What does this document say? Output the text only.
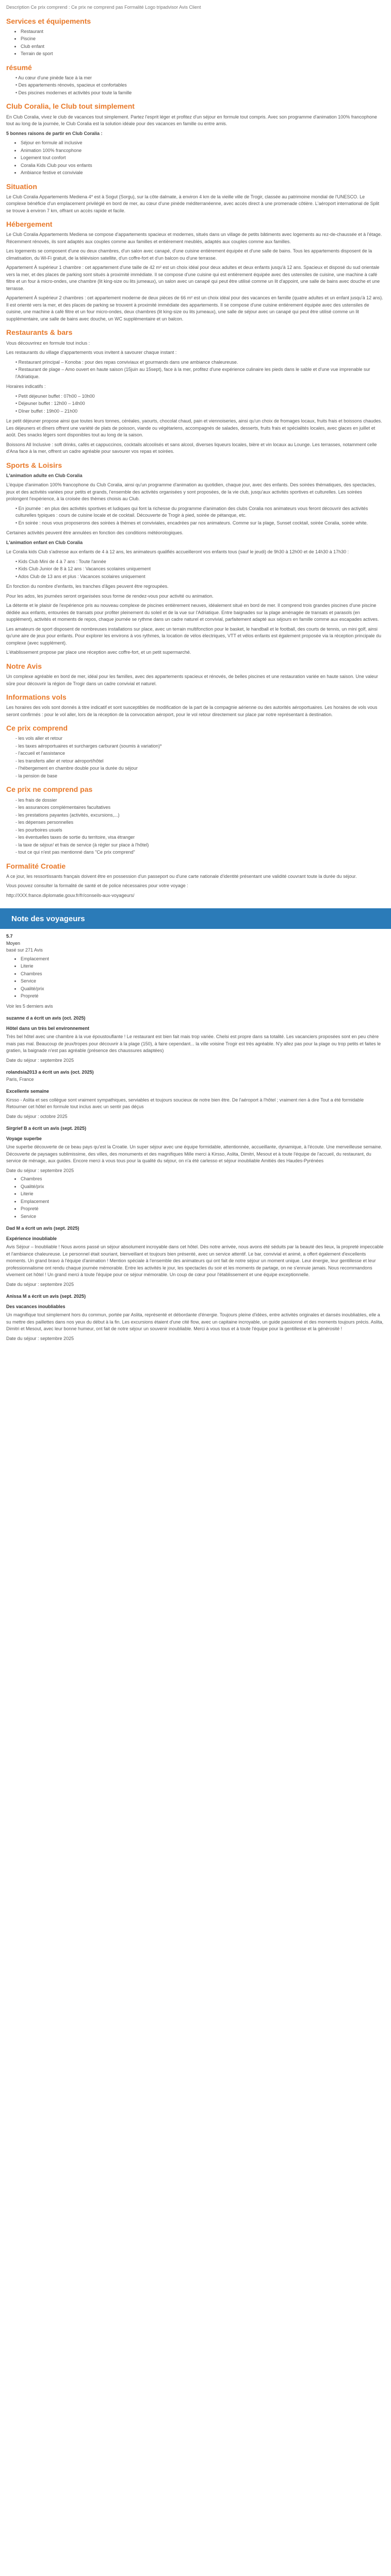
Description Ce prix comprend : Ce prix ne comprend pas Formalité Logo tripadvisor Avis Client
Services et équipements
• Restaurant
• Piscine
• Club enfant
• Terrain de sport
résumé
• Au cœur d'une pinède face à la mer
• Des appartements rénovés, spacieux et confortables
• Des piscines modernes et activités pour toute la famille
Club Coralia, le Club tout simplement

En Club Coralia, vivez le club de vacances tout simplement. Partez l'esprit léger et profitez d'un séjour en formule tout compris. Avec son programme d'animation 100% francophone tout au long de la journée, le Club Coralia est la solution idéale pour des vacances en famille ou entre amis.

5 bonnes raisons de partir en Club Coralia :

• Séjour en formule all inclusive
• Animation 100% francophone
• Logement tout confort
• Coralia Kids Club pour vos enfants
• Ambiance festive et conviviale
Situation

Le Club Coralia Appartements Mediena 4* est à Sogut (Sorgu), sur la côte dalmate, à environ 4 km de la vieille ville de Trogir, classée au patrimoine mondial de l'UNESCO. Le complexe bénéficie d'un emplacement privilégié en bord de mer, au cœur d'une pinède méditerranéenne, avec accès direct à une promenade côtière. L'aéroport international de Split se trouve à environ 7 km, offrant un accès rapide et facile.

Hébergement

Le Club Coralia Appartements Mediena se compose d'appartements spacieux et modernes, situés dans un village de petits bâtiments avec logements au rez-de-chaussée et à l'étage. Récemment rénovés, ils sont adaptés aux couples comme aux familles et entièrement meublés, adaptés aux couples comme aux familles.

Les logements se composent d'une ou deux chambres, d'un salon avec canapé, d'une cuisine entièrement équipée et d'une salle de bains. Tous les appartements disposent de la climatisation, du Wi-Fi gratuit, de la télévision satellite, d'un coffre-fort et d'un balcon ou d'une terrasse.

Appartement À supérieur 1 chambre : cet appartement d'une taille de 42 m² est un choix idéal pour deux adultes et deux enfants jusqu'à 12 ans. Spacieux et disposé du sud orientale vers la mer, et des places de parking sont situés à proximité immédiate. Il se compose d'une cuisine qui est entièrement équipée avec des ustensiles de cuisine, une machine à café filtre et un four à micro-ondes, une chambre (lit king-size ou lits jumeaux), un salon avec un canapé qui peut être utilisé comme un lit d'appoint, une salle de bains avec douche et une terrasse.

Appartement À supérieur 2 chambres : cet appartement moderne de deux pièces de 66 m² est un choix idéal pour des vacances en famille (quatre adultes et un enfant jusqu'à 12 ans). Il est orienté vers la mer, et des places de parking se trouvent à proximité immédiate des appartements. Il se compose d'une cuisine entièrement équipée avec des ustensiles de cuisine, une machine à café filtre et un four micro-ondes, deux chambres (lit king-size ou lits jumeaux), une salle de séjour avec un canapé qui peut être utilisé comme un lit supplémentaire, une salle de bains avec douche, un WC supplémentaire et un balcon.

Restaurants & bars

Vous découvrirez en formule tout inclus :

Les restaurants du village d'appartements vous invitent à savourer chaque instant :

• Restaurant principal – Konoba : pour des repas conviviaux et gourmands dans une ambiance chaleureuse.
• Restaurant de plage – Amo ouvert en haute saison (15juin au 15sept), face à la mer, profitez d'une expérience culinaire les pieds dans le sable et d'une vue imprenable sur l'Adriatique.

Horaires indicatifs :

• Petit déjeuner buffet : 07h00 – 10h00
• Déjeuner buffet : 12h00 – 14h00
• Dîner buffet : 19h00 – 21h00

Le petit déjeuner propose ainsi que toutes leurs tonnes, céréales, yaourts, chocolat chaud, pain et viennoiseries, ainsi qu'un choix de fromages locaux, fruits frais et boissons chaudes. Les déjeuners et dîners offrent une variété de plats de poisson, viande ou végétariens, accompagnés de salades, desserts, fruits frais et spécialités locales, avec glaces en juillet et août. Des snacks légers sont disponibles tout au long de la saison.

Boissons All Inclusive : soft drinks, cafés et cappuccinos, cocktails alcoolisés et sans alcool, diverses liqueurs locales, bière et vin locaux au Lounge. Les terrasses, notamment celle d'Ana face à la mer, offrent un cadre agréable pour savourer vos repas et soirées.

Sports & Loisirs

L'animation adulte en Club Coralia

L'équipe d'animation 100% francophone du Club Coralia, ainsi qu'un programme d'animation au quotidien, chaque jour, avec des enfants. Des soirées thématiques, des spectacles, jeux et des activités variées pour petits et grands, l'ensemble des activités organisées y sont proposées, de la vie club, jusqu'aux activités sportives et culturelles. Les soirées prolongent l'expérience, à la croisée des thèmes choisis au Club.

• En journée : en plus des activités sportives et ludiques qui font la richesse du programme d'animation des clubs Coralia nos animateurs vous feront découvrir des activités culturelles typiques : cours de cuisine locale et de cocktail. Découverte de Trogir à pied, soirée de pétanque, etc.
• En soirée : nous vous proposerons des soirées à thèmes et conviviales, encadrées par nos animateurs. Comme sur la plage, Sunset cocktail, soirée Coralia, soirée white.

Certaines activités peuvent être annulées en fonction des conditions météorologiques.

L'animation enfant en Club Coralia

Le Coralia kids Club s'adresse aux enfants de 4 à 12 ans, les animateurs qualifiés accueilleront vos enfants tous (sauf le jeudi) de 9h30 à 12h00 et de 14h30 à 17h30 :

• Kids Club Mini de 4 à 7 ans : Toute l'année
• Kids Club Junior de 8 à 12 ans : Vacances scolaires uniquement
• Ados Club de 13 ans et plus : Vacances scolaires uniquement

En fonction du nombre d'enfants, les tranches d'âges peuvent être regroupées.

Pour les ados, les journées seront organisées sous forme de rendez-vous pour activité ou animation.

La détente et le plaisir de l'expérience pris au nouveau complexe de piscines entièrement neuves, idéalement situé en bord de mer. Il comprend trois grandes piscines d'une piscine dédiée aux enfants, entourées de transats pour profiter pleinement du soleil et de la vue sur l'Adriatique. Entre baignades sur la plage aménagée de transats et parasols (en supplément), activités et moments de repos, chaque journée se rythme dans un cadre naturel et convivial, parfaitement adapté aux séjours en famille comme aux escapades actives.

Les amateurs de sport disposent de nombreuses installations sur place, avec un terrain multifonction pour le basket, le handball et le football, des courts de tennis, un mini golf, ainsi qu'une aire de jeux pour enfants. Pour explorer les environs à vos rythmes, la location de vélos électriques, VTT et vélos enfants est également proposée via la réception principale du complexe (avec supplément).

L'établissement propose par place une réception avec coffre-fort, et un petit supermarché.

Notre Avis

Un complexe agréable en bord de mer, idéal pour les familles, avec des appartements spacieux et rénovés, de belles piscines et une restauration variée en haute saison. Une valeur sûre pour découvrir la région de Trogir dans un cadre convivial et naturel.

Informations vols

Les horaires des vols sont donnés à titre indicatif et sont susceptibles de modification de la part de la compagnie aérienne ou des autorités aéroportuaires. Les horaires de vols vous seront confirmés : pour le vol aller, lors de la réception de la convocation aéroport, pour le vol retour directement sur place par notre représentant à destination.

Ce prix comprend
- les vols aller et retour
- les taxes aéroportuaires et surcharges carburant (soumis à variation)*
- l'accueil et l'assistance
- les transferts aller et retour aéroport/hôtel
- l'hébergement en chambre double pour la durée du séjour
- la pension de base
Ce prix ne comprend pas
- les frais de dossier
- les assurances complémentaires facultatives
- les prestations payantes (activités, excursions,...)
- les dépenses personnelles
- les pourboires usuels
- les éventuelles taxes de sortie du territoire, visa étranger
- la taxe de séjour/ et frais de service (à régler sur place à l'hôtel)
- tout ce qui n'est pas mentionné dans "Ce prix comprend"
Formalité Croatie

A ce jour, les ressortissants français doivent être en possession d'un passeport ou d'une carte nationale d'identité présentant une validité couvrant toute la durée du séjour.

Vous pouvez consulter la formalité de santé et de police nécessaires pour votre voyage :

http://XXX.france.diplomatie.gouv.fr/fr/conseils-aux-voyageurs/

Note des voyageurs
5.7
Moyen
basé sur 271 Avis
• Emplacement
• Literie
• Chambres
• Service
• Qualité/prix
• Propreté
Voir les 5 derniers avis
suzanne d a écrit un avis (oct. 2025)
Hôtel dans un très bel environnement

Très bel hôtel avec une chambre à la vue époustouflante ! Le restaurant est bien fait mais trop variée. Chelsi est propre dans sa totalité. Les vacanciers proposées sont en peu chère mais pas mal. Beaucoup de jeux/tropes pour découvrir à la plage (150), à faire cependant... la ville voisine Trogir est très agréable. N'y allez pas pour la plage ou trop petits et faites le gratien, la baignade n'est pas agréable (présence des chaussures adaptées)

Date du séjour : septembre 2025
rolandsia2013 a écrit un avis (oct. 2025)
Paris, France
Excellente semaine

Kirsso - Aslita et ses collègue sont vraiment sympathiques, serviables et toujours soucieux de notre bien être. De l'aéroport à l'hôtel ; vraiment rien à dire Tout a été formidable Retourner cet hôtel en formule tout inclus avec un sentir pas déçus

Date du séjour : octobre 2025
Sirgrief B a écrit un avis (sept. 2025)
Voyage superbe

Une superbe découverte de ce beau pays qu'est la Croatie. Un super séjour avec une équipe formidable, attentionnée, accueillante, dynamique, à l'écoute. Une merveilleuse semaine. Découverte de paysages sublimissime, des villes, des monuments et des magnifiques Mille merci à Kirsso, Aslita, Dimitri, Mesout et à toute l'équipe de l'accueil, du restaurant, du service de ménage, aux guides. Encore merci à vous tous pour la qualité du séjour, on n'a été carlesso et séjour inoubliable Amitiés des Haudes-Pyrénées

Date du séjour : septembre 2025
• Chambres
• Qualité/prix
• Literie
• Emplacement
• Propreté
• Service
Dad M a écrit un avis (sept. 2025)
Expérience inoubliable

Avis Séjour – Inoubliable ! Nous avons passé un séjour absolument incroyable dans cet hôtel. Dès notre arrivée, nous avons été séduits par la beauté des lieux, la propreté impeccable et l'ambiance chaleureuse. Le personnel était souriant, bienveillant et toujours bien présenté, avec un service attentif. Le bar, convivial et animé, a offert également d'excellents moments. Un grand bravo à l'équipe d'animation ! Mention spéciale à l'ensemble des animateurs qui ont fait de notre séjour un moment unique. Leur énergie, leur gentillesse et leur professionnalisme ont rendu chaque journée mémorable. Entre les activités le jour, les spectacles du soir et les moments de partage, on ne s'ennuie jamais. Nous recommandons vivement cet hôtel ! Un grand merci à toute l'équipe pour ce séjour mémorable. Un coup de cœur pour l'établissement et une équipe exceptionnelle.

Date du séjour : septembre 2025
Anissa M a écrit un avis (sept. 2025)
Des vacances inoubliables

Un magnifique tout simplement hors du commun, portée par Aslita, représenté et débordante d'énergie. Toujours pleine d'idées, entre activités originales et dansés inoubliables, elle a su mettre des paillettes dans nos yeux du début à la fin. Les excursions étaient d'une cité flow, avec un capitaine incroyable, un guide passionné et des moments toujours précis. Aslita, Dimitri et Mesout, avec leur bonne humeur, ont fait de notre séjour un souvenir inoubliable. Merci à vous tous et à toute l'équipe pour la gentillesse et la générosité !

Date du séjour : septembre 2025
